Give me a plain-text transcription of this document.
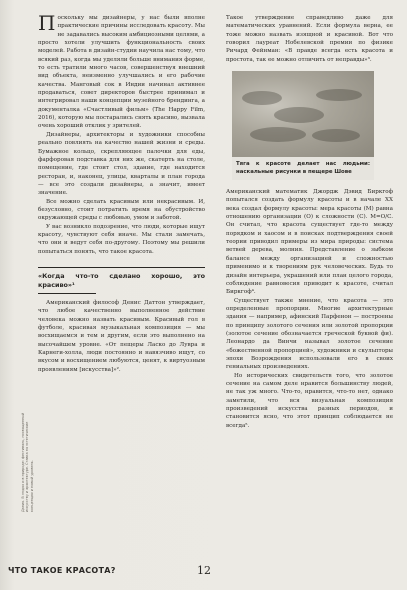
Поскольку мы дизайнеры, у нас были вполне практические причины исследовать красоту. Мы не задавались высоким амбициозными целями, а просто хотели улучшить функциональность своих моделей. Работа в дизайн-студии научила нас тому, что всякий раз, когда мы уделяли больше внимания форме, то есть тратили много часов, совершенствуя внешний вид объекта, неизменно улучшались и его рабочие качества. Манговый сок в Индии начинал активнее продаваться, совет директоров быстрее принимал и интегрировал наши концепции музейного брендинга, а документалка «Счастливый фильм» (The Happy Film, 2016), которую мы постарались снять красиво, вызвала очень хороший отклик у зрителей.

Дизайнеры, архитекторы и художники способны реально повлиять на качество нашей жизни и среды. Бумажное кольцо, скрепляющее палочки для еды, фарфоровая подставка для них же, скатерть на столе, помещение, где стоит стол, здание, где находится ресторан, и, наконец, улицы, кварталы и план города — все это создали дизайнеры, а значит, имеет значение.

Все можно сделать красивым или некрасивым. И, безусловно, стоит потратить время на обустройство окружающей среды с любовью, умом и заботой.

У вас возникло подозрение, что люди, которые ищут красоту, чувствуют себя иначе. Мы стали замечать, что они и ведут себя по-другому. Поэтому мы решили попытаться понять, что такое красота.

«Когда что-то сделано хорошо, это красиво»¹

Американский философ Денис Даттон утверждает, что любое качественно выполненное действие человека можно назвать красивым. Красивый гол в футболе, красивая музыкальная композиция — мы восхищаемся и тем и другим, если это выполнено на высочайшем уровне. «От пещеры Ласко до Лувра и Карнеги-холла, люди постоянно и навязчиво ищут, со вкусом и восхищением любуются, ценят, к виртуозным проявлениям [искусства]»².

Такое утверждение справедливо даже для математических уравнений. Если формула верна, ее тоже можно назвать изящной и красивой. Вот что говорил лауреат Нобелевской премии по физике Ричард Фейнман: «В правде всегда есть красота и простота, так ее можно отличить от неправды»³.

Тяга к красоте делает нас людьми: наскальные рисунки в пещере Шове

Американский математик Джордж Дэвид Биркгоф попытался создать формулу красоты и в начале XX века создал формулу красоты: мера красоты (M) равна отношению организации (O) к сложности (C). M=O/C. Он считал, что красота существует где-то между порядком и хаосом и в поисках подтверждения своей теории приводил примеры из мира природы: система ветвей дерева, молния. Представление о зыбком балансе между организацией и сложностью применимо и к творениям рук человеческих. Будь то дизайн интерьера, украшений или план целого города, соблюдение равновесия приводит к красоте, считал Биркгоф⁴.

Существует также мнение, что красота — это определенные пропорции. Многие архитектурные здания — например, афинский Парфенон — построены по принципу золотого сечения или золотой пропорции (золотое сечение обозначается греческой буквой фи). Леонардо да Винчи называл золотое сечение «божественной пропорцией», художники и скульпторы эпохи Возрождения использовали его в своих гениальных произведениях.

Но исторических свидетельств того, что золотое сечение на самом деле нравится большинству людей, не так уж много. Что-то, нравится, что-то нет, однако заметили, что вся визуальная композиция произведений искусства разных периодов, и становится ясно, что этот принцип соблюдается не всегда⁵.

Дания. В людях и в природе: фестиваль, посвященный искусству и архитектуре. Ставка на эстетические концепции и новый уровень.
ЧТО ТАКОЕ КРАСОТА?	12
